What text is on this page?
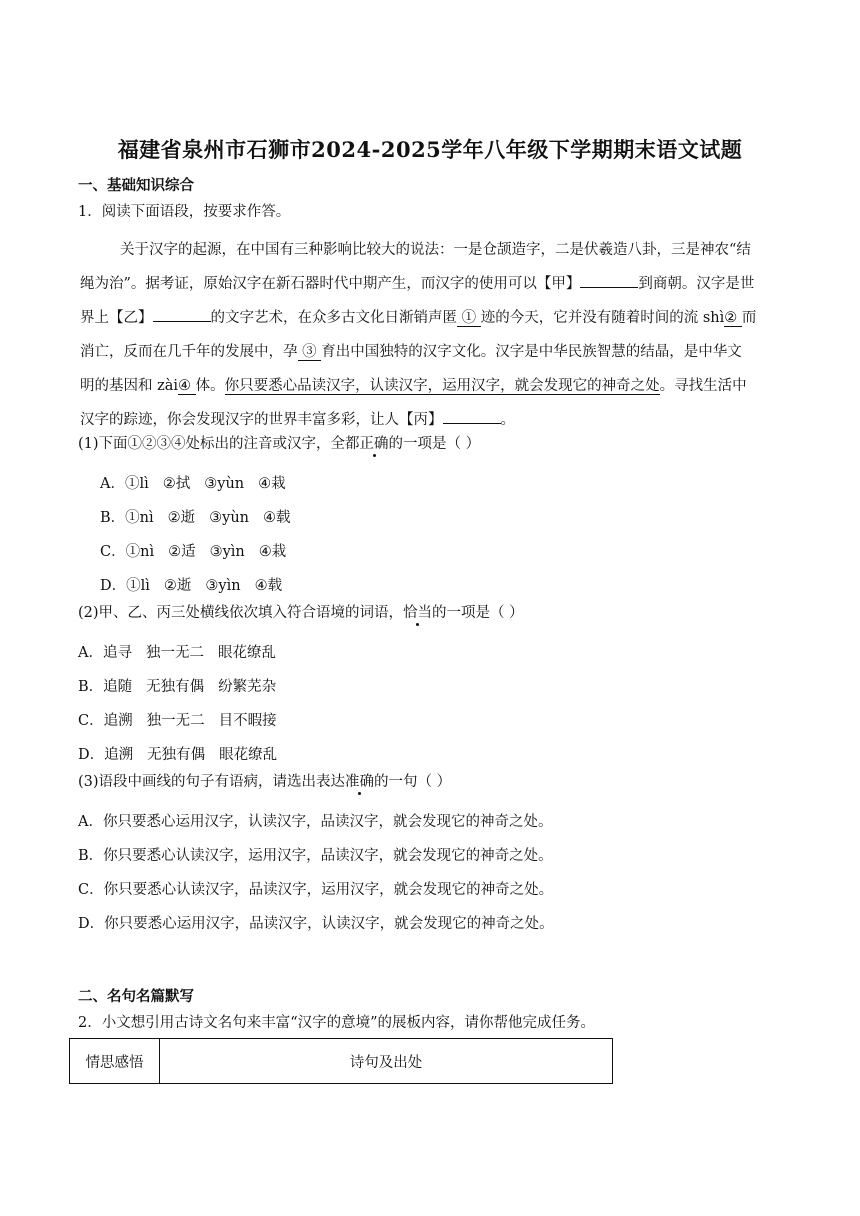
福建省泉州市石狮市2024-2025学年八年级下学期期末语文试题
一、基础知识综合
1．阅读下面语段，按要求作答。
关于汉字的起源，在中国有三种影响比较大的说法：一是仓颉造字，二是伏羲造八卦，三是神农“结
绳为治”。据考证，原始汉字在新石器时代中期产生，而汉字的使用可以【甲】	到商朝。汉字是世
界上【乙】	的文字艺术，在众多古文化日渐销声匿 ① 迹的今天，它并没有随着时间的流 shì② 而
消亡，反而在几千年的发展中，孕 ③ 育出中国独特的汉字文化。汉字是中华民族智慧的结晶，是中华文
明的基因和 zài④ 体。你只要悉心品读汉字，认读汉字，运用汉字，就会发现它的神奇之处。寻找生活中
汉字的踪迹，你会发现汉字的世界丰富多彩，让人【丙】	。
(1)下面①②③④处标出的注音或汉字，全都正确的一项是（ ）
A．①lì ②拭 ③yùn ④栽
B．①nì ②逝 ③yùn ④载
C．①nì ②适 ③yìn ④栽
D．①lì ②逝 ③yìn ④载
(2)甲、乙、丙三处横线依次填入符合语境的词语，恰当的一项是（ ）
A．追寻 独一无二 眼花缭乱
B．追随 无独有偶 纷繁芜杂
C．追溯 独一无二 目不暇接
D．追溯 无独有偶 眼花缭乱
(3)语段中画线的句子有语病，请选出表达准确的一句（ ）
A．你只要悉心运用汉字，认读汉字，品读汉字，就会发现它的神奇之处。
B．你只要悉心认读汉字，运用汉字，品读汉字，就会发现它的神奇之处。
C．你只要悉心认读汉字，品读汉字，运用汉字，就会发现它的神奇之处。
D．你只要悉心运用汉字，品读汉字，认读汉字，就会发现它的神奇之处。
二、名句名篇默写
2．小文想引用古诗文名句来丰富“汉字的意境”的展板内容，请你帮他完成任务。
情思感悟	诗句及出处
